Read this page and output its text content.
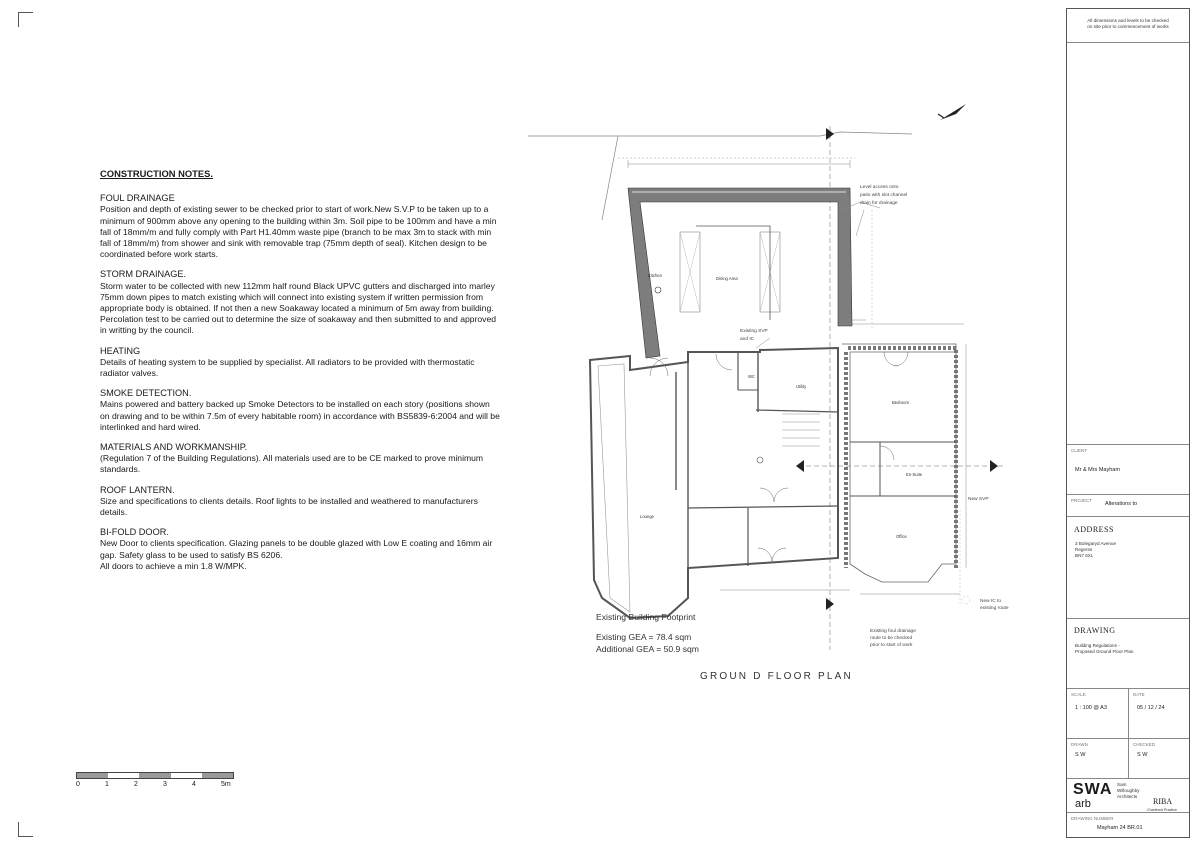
CONSTRUCTION NOTES.
FOUL DRAINAGE
Position and depth of existing sewer to be checked prior to start of work.New S.V.P to be taken up to a minimum of 900mm above any opening to the building within 3m. Soil pipe to be 100mm and have a min fall of 18mm/m and fully comply with Part H1.40mm waste pipe (branch to be max 3m to stack with min fall of 18mm/m) from shower and sink with removable trap (75mm depth of seal). Kitchen design to be coordinated before work starts.
STORM DRAINAGE.
Storm water to be collected with new 112mm half round Black UPVC gutters and discharged into marley 75mm down pipes to match existing which will connect into existing system if written permission from appropriate body is obtained. If not then a new Soakaway located a minimum of 5m away from building. Percolation test to be carried out to determine the size of soakaway and then submitted to and approved in writting by the council.
HEATING
Details of heating system to be supplied by specialist. All radiators to be provided with thermostatic radiator valves.
SMOKE DETECTION.
Mains powered and battery backed up Smoke Detectors to be installed on each story (positions shown on drawing and to be within 7.5m of every habitable room) in accordance with BS5839-6:2004 and will be interlinked and hard wired.
MATERIALS AND WORKMANSHIP.
(Regulation 7 of the Building Regulations). All materials used are to be CE marked to prove minimum standards.
ROOF LANTERN.
Size and specifications to clients details. Roof lights to be installed and weathered to manufacturers details.
BI-FOLD DOOR.
New Door to clients specification. Glazing panels to be double glazed with Low E coating and 16mm air gap. Safety glass to be used to satisfy BS 6206.
All doors to achieve a min 1.8 W/MPK.
0	1	2	3	4	5m
Kitchen
Dining Area
WC
Utility
Bedroom
En-Suite
Office
Lounge
Level access onto
patio with slot channel
drain for drainage
Existing SVP
and IC
New SVP
New IC to
existing route
Existing foul drainage
route to be checked
prior to start of work
Existing Building Footprint
Existing GEA = 78.4 sqm
Additional GEA = 50.9 sqm
GROUN D FLOOR PLAN
All dimensions and levels to be checked
on site prior to commencement of works
CLIENT
Mr & Mrs Mayham
PROJECT
Alterations to
ADDRESS
3 Bolegaryd Avenue
Regents
BN7 6XL
DRAWING
Building Regulations -
Proposed Ground Floor Plan
SCALE
1 : 100 @ A3
DATE
05 / 12 / 24
DRAWN
S W
CHECKED
S W
SWA Sam
Willoughby
Architects
arb	RIBA
Chartered Practice
DRAWING NUMBER
Mayham 24 BR.01
